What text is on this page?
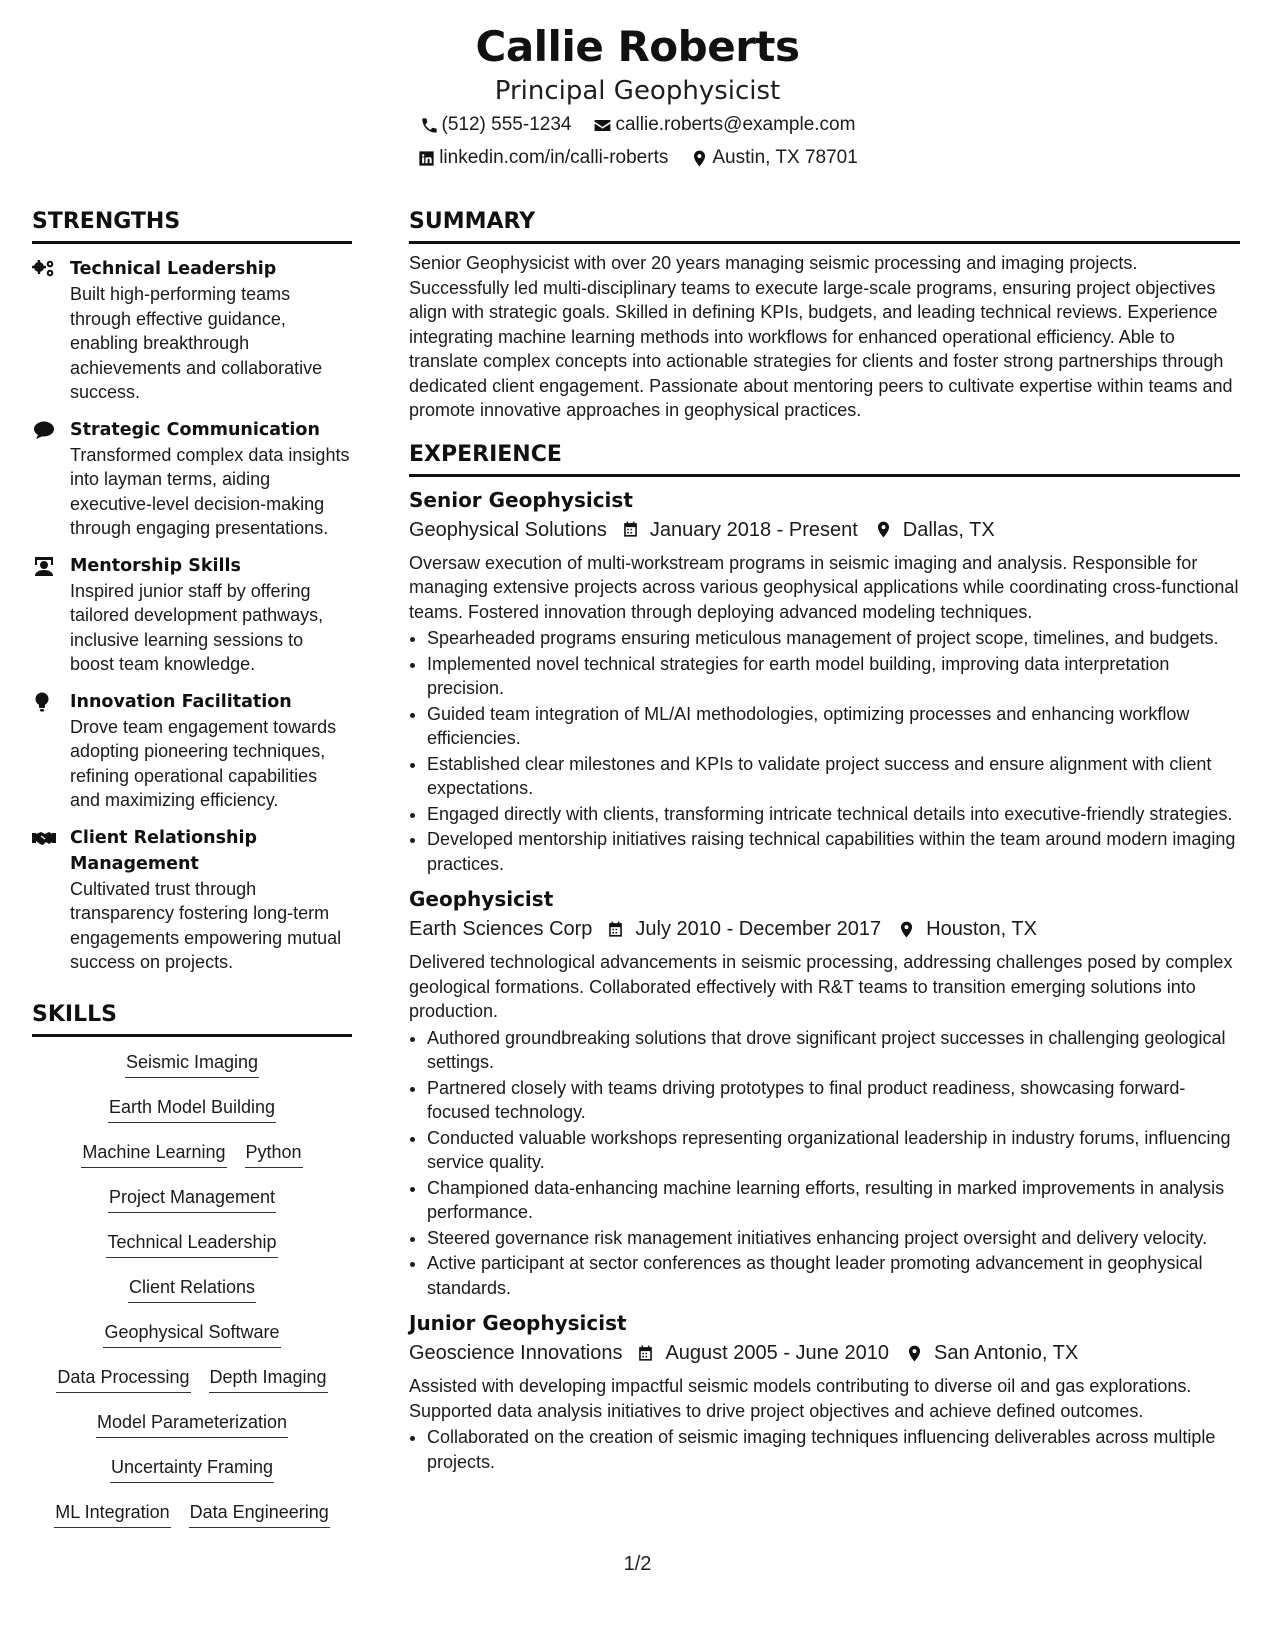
Callie Roberts
Principal Geophysicist
(512) 555-1234 callie.roberts@example.com
linkedin.com/in/calli-roberts Austin, TX 78701
STRENGTHS
Technical Leadership
Built high-performing teams through effective guidance, enabling breakthrough achievements and collaborative success.
Strategic Communication
Transformed complex data insights into layman terms, aiding executive-level decision-making through engaging presentations.
Mentorship Skills
Inspired junior staff by offering tailored development pathways, inclusive learning sessions to boost team knowledge.
Innovation Facilitation
Drove team engagement towards adopting pioneering techniques, refining operational capabilities and maximizing efficiency.
Client Relationship Management
Cultivated trust through transparency fostering long-term engagements empowering mutual success on projects.
SKILLS
Seismic Imaging
Earth Model Building
Machine Learning Python
Project Management
Technical Leadership
Client Relations
Geophysical Software
Data Processing Depth Imaging
Model Parameterization
Uncertainty Framing
ML Integration Data Engineering
SUMMARY
Senior Geophysicist with over 20 years managing seismic processing and imaging projects. Successfully led multi-disciplinary teams to execute large-scale programs, ensuring project objectives align with strategic goals. Skilled in defining KPIs, budgets, and leading technical reviews. Experience integrating machine learning methods into workflows for enhanced operational efficiency. Able to translate complex concepts into actionable strategies for clients and foster strong partnerships through dedicated client engagement. Passionate about mentoring peers to cultivate expertise within teams and promote innovative approaches in geophysical practices.
EXPERIENCE
Senior Geophysicist
Geophysical Solutions January 2018 - Present Dallas, TX
Oversaw execution of multi-workstream programs in seismic imaging and analysis. Responsible for managing extensive projects across various geophysical applications while coordinating cross-functional teams. Fostered innovation through deploying advanced modeling techniques.
• Spearheaded programs ensuring meticulous management of project scope, timelines, and budgets.
• Implemented novel technical strategies for earth model building, improving data interpretation precision.
• Guided team integration of ML/AI methodologies, optimizing processes and enhancing workflow efficiencies.
• Established clear milestones and KPIs to validate project success and ensure alignment with client expectations.
• Engaged directly with clients, transforming intricate technical details into executive-friendly strategies.
• Developed mentorship initiatives raising technical capabilities within the team around modern imaging practices.
Geophysicist
Earth Sciences Corp July 2010 - December 2017 Houston, TX
Delivered technological advancements in seismic processing, addressing challenges posed by complex geological formations. Collaborated effectively with R&T teams to transition emerging solutions into production.
• Authored groundbreaking solutions that drove significant project successes in challenging geological settings.
• Partnered closely with teams driving prototypes to final product readiness, showcasing forward-focused technology.
• Conducted valuable workshops representing organizational leadership in industry forums, influencing service quality.
• Championed data-enhancing machine learning efforts, resulting in marked improvements in analysis performance.
• Steered governance risk management initiatives enhancing project oversight and delivery velocity.
• Active participant at sector conferences as thought leader promoting advancement in geophysical standards.
Junior Geophysicist
Geoscience Innovations August 2005 - June 2010 San Antonio, TX
Assisted with developing impactful seismic models contributing to diverse oil and gas explorations. Supported data analysis initiatives to drive project objectives and achieve defined outcomes.
• Collaborated on the creation of seismic imaging techniques influencing deliverables across multiple projects.
1/2
